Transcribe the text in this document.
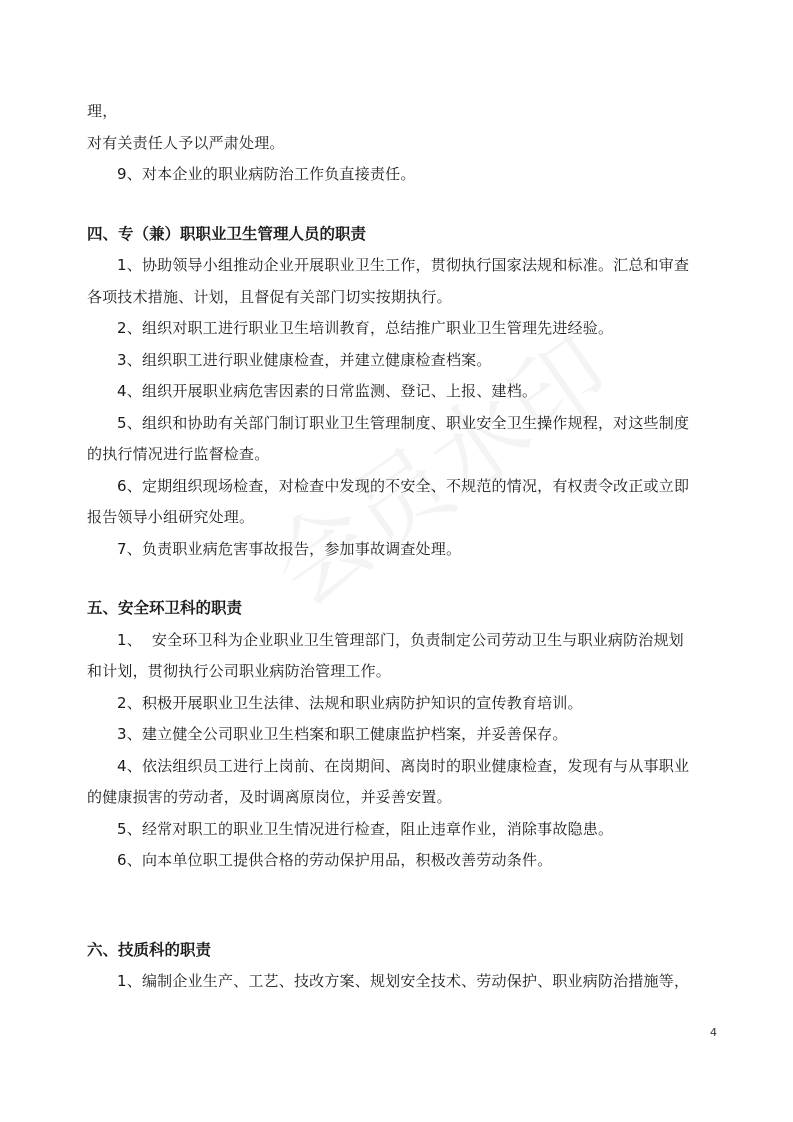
理，
对有关责任人予以严肃处理。
9、对本企业的职业病防治工作负直接责任。
四、专（兼）职职业卫生管理人员的职责
1、协助领导小组推动企业开展职业卫生工作，贯彻执行国家法规和标准。汇总和审查
各项技术措施、计划，且督促有关部门切实按期执行。
2、组织对职工进行职业卫生培训教育，总结推广职业卫生管理先进经验。
3、组织职工进行职业健康检查，并建立健康检查档案。
4、组织开展职业病危害因素的日常监测、登记、上报、建档。
5、组织和协助有关部门制订职业卫生管理制度、职业安全卫生操作规程，对这些制度
的执行情况进行监督检查。
6、定期组织现场检查，对检查中发现的不安全、不规范的情况，有权责令改正或立即
报告领导小组研究处理。
7、负责职业病危害事故报告，参加事故调查处理。
五、安全环卫科的职责
1、  安全环卫科为企业职业卫生管理部门，负责制定公司劳动卫生与职业病防治规划
和计划，贯彻执行公司职业病防治管理工作。
2、积极开展职业卫生法律、法规和职业病防护知识的宣传教育培训。
3、建立健全公司职业卫生档案和职工健康监护档案，并妥善保存。
4、依法组织员工进行上岗前、在岗期间、离岗时的职业健康检查，发现有与从事职业
的健康损害的劳动者，及时调离原岗位，并妥善安置。
5、经常对职工的职业卫生情况进行检查，阻止违章作业，消除事故隐患。
6、向本单位职工提供合格的劳动保护用品，积极改善劳动条件。
六、技质科的职责
1、编制企业生产、工艺、技改方案、规划安全技术、劳动保护、职业病防治措施等，
4
